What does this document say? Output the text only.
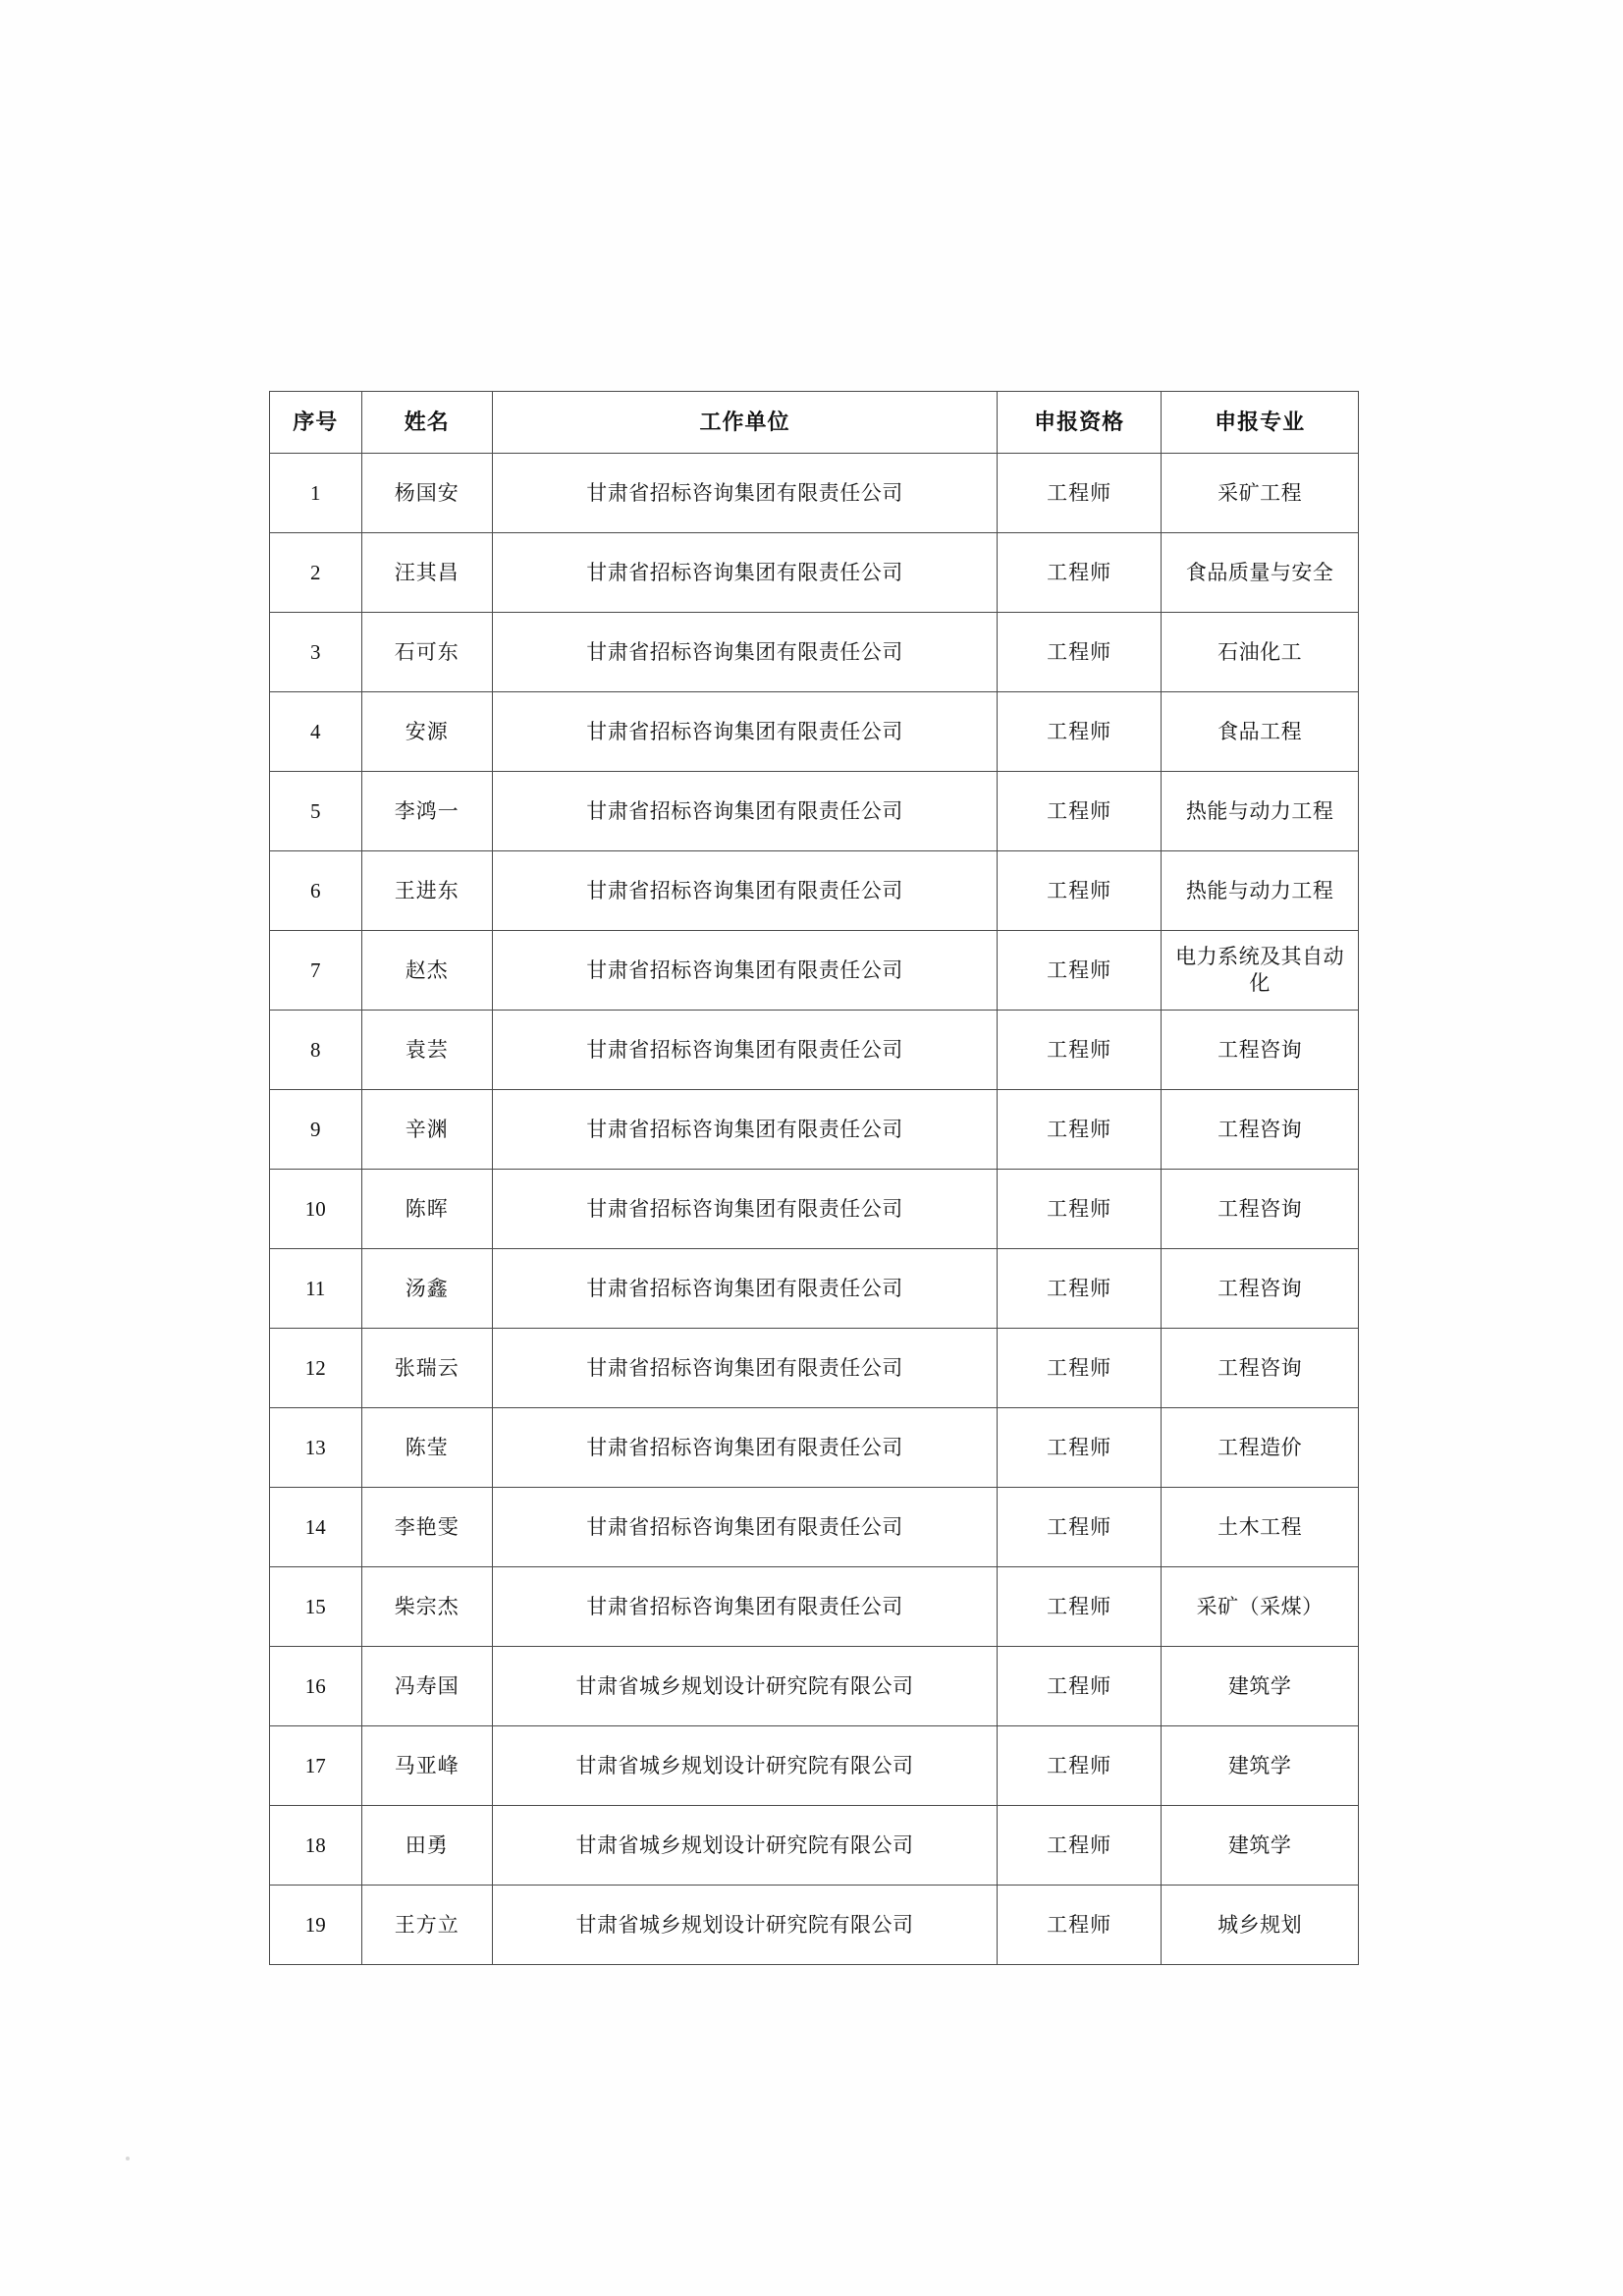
序号	姓名	工作单位	申报资格	申报专业
1	杨国安	甘肃省招标咨询集团有限责任公司	工程师	采矿工程
2	汪其昌	甘肃省招标咨询集团有限责任公司	工程师	食品质量与安全
3	石可东	甘肃省招标咨询集团有限责任公司	工程师	石油化工
4	安源	甘肃省招标咨询集团有限责任公司	工程师	食品工程
5	李鸿一	甘肃省招标咨询集团有限责任公司	工程师	热能与动力工程
6	王进东	甘肃省招标咨询集团有限责任公司	工程师	热能与动力工程
7	赵杰	甘肃省招标咨询集团有限责任公司	工程师	电力系统及其自动化
8	袁芸	甘肃省招标咨询集团有限责任公司	工程师	工程咨询
9	辛渊	甘肃省招标咨询集团有限责任公司	工程师	工程咨询
10	陈晖	甘肃省招标咨询集团有限责任公司	工程师	工程咨询
11	汤鑫	甘肃省招标咨询集团有限责任公司	工程师	工程咨询
12	张瑞云	甘肃省招标咨询集团有限责任公司	工程师	工程咨询
13	陈莹	甘肃省招标咨询集团有限责任公司	工程师	工程造价
14	李艳雯	甘肃省招标咨询集团有限责任公司	工程师	土木工程
15	柴宗杰	甘肃省招标咨询集团有限责任公司	工程师	采矿（采煤）
16	冯寿国	甘肃省城乡规划设计研究院有限公司	工程师	建筑学
17	马亚峰	甘肃省城乡规划设计研究院有限公司	工程师	建筑学
18	田勇	甘肃省城乡规划设计研究院有限公司	工程师	建筑学
19	王方立	甘肃省城乡规划设计研究院有限公司	工程师	城乡规划
